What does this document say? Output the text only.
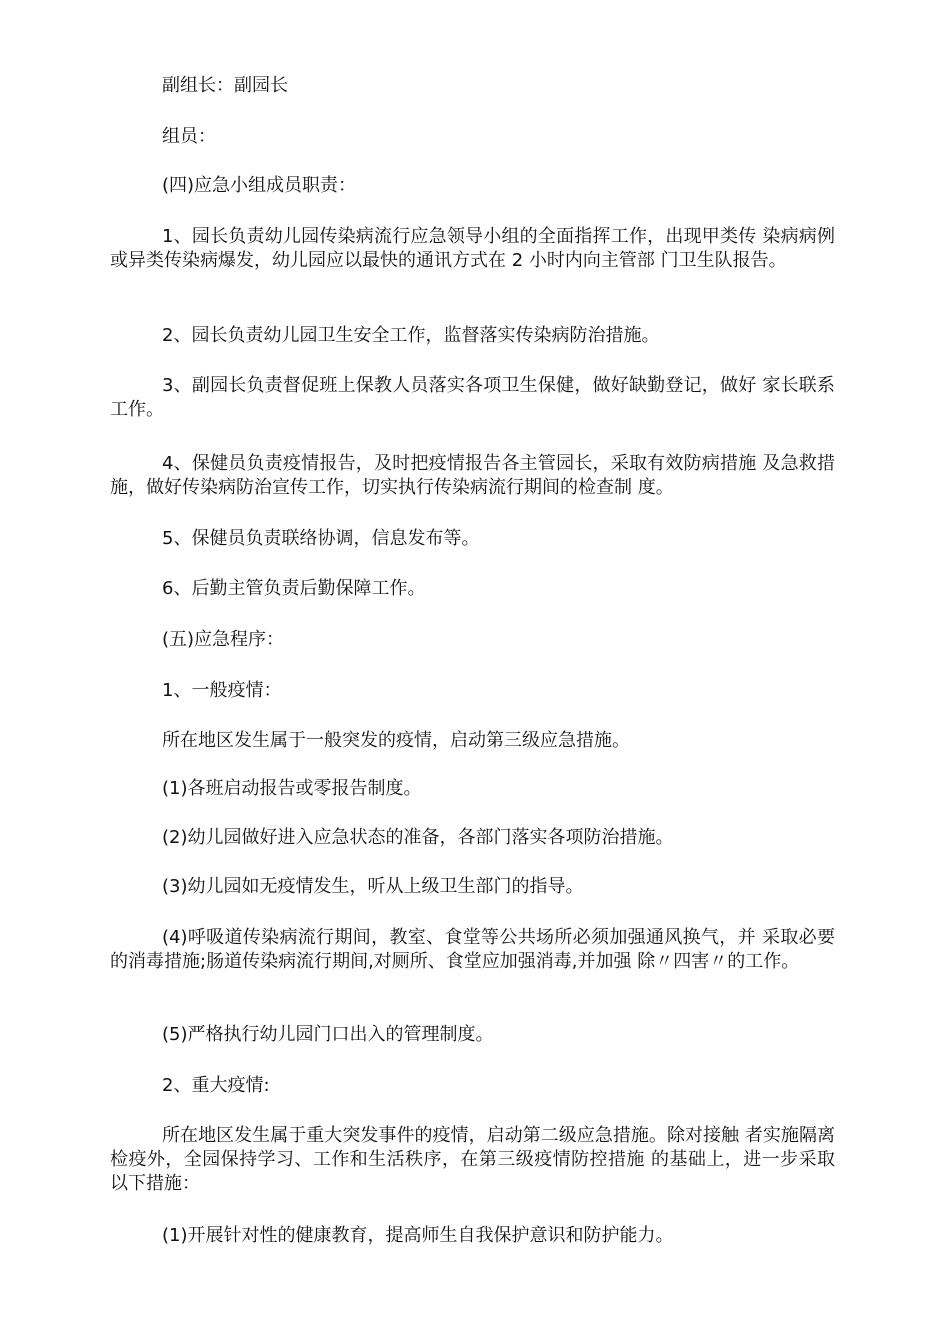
副组长：副园长

组员：

(四)应急小组成员职责：

1、园长负责幼儿园传染病流行应急领导小组的全面指挥工作，出现甲类传 染病病例或异类传染病爆发，幼儿园应以最快的通讯方式在 2 小时内向主管部 门卫生队报告。

2、园长负责幼儿园卫生安全工作，监督落实传染病防治措施。

3、副园长负责督促班上保教人员落实各项卫生保健，做好缺勤登记，做好 家长联系工作。

4、保健员负责疫情报告，及时把疫情报告各主管园长，采取有效防病措施 及急救措施，做好传染病防治宣传工作，切实执行传染病流行期间的检查制 度。

5、保健员负责联络协调，信息发布等。

6、后勤主管负责后勤保障工作。

(五)应急程序：

1、一般疫情：

所在地区发生属于一般突发的疫情，启动第三级应急措施。

(1)各班启动报告或零报告制度。

(2)幼儿园做好进入应急状态的准备，各部门落实各项防治措施。

(3)幼儿园如无疫情发生，听从上级卫生部门的指导。

(4)呼吸道传染病流行期间，教室、食堂等公共场所必须加强通风换气，并 采取必要的消毒措施;肠道传染病流行期间,对厕所、食堂应加强消毒,并加强 除〃四害〃的工作。

(5)严格执行幼儿园门口出入的管理制度。

2、重大疫情:

所在地区发生属于重大突发事件的疫情，启动第二级应急措施。除对接触 者实施隔离检疫外，全园保持学习、工作和生活秩序，在第三级疫情防控措施 的基础上，进一步采取以下措施：

(1)开展针对性的健康教育，提高师生自我保护意识和防护能力。
